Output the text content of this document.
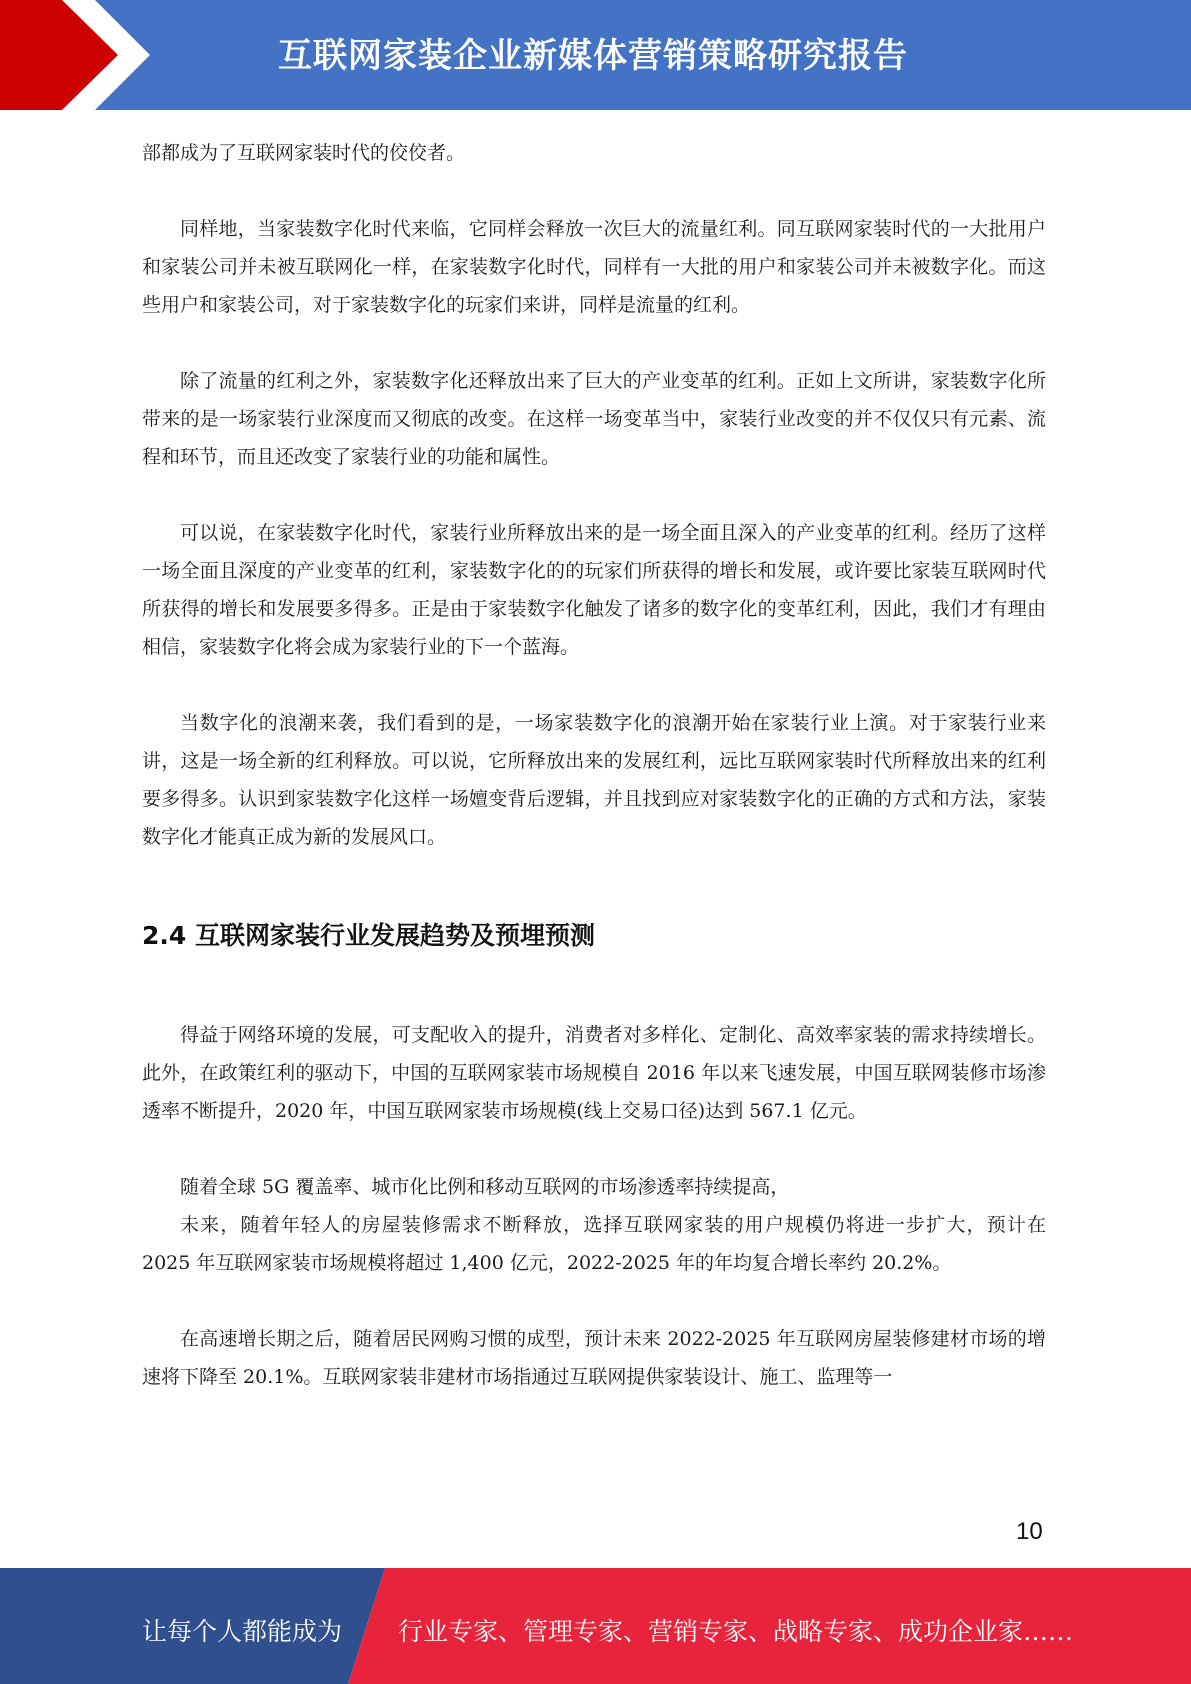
互联网家装企业新媒体营销策略研究报告

部都成为了互联网家装时代的佼佼者。

同样地，当家装数字化时代来临，它同样会释放一次巨大的流量红利。同互联网家装时代的一大批用户和家装公司并未被互联网化一样，在家装数字化时代，同样有一大批的用户和家装公司并未被数字化。而这些用户和家装公司，对于家装数字化的玩家们来讲，同样是流量的红利。

除了流量的红利之外，家装数字化还释放出来了巨大的产业变革的红利。正如上文所讲，家装数字化所带来的是一场家装行业深度而又彻底的改变。在这样一场变革当中，家装行业改变的并不仅仅只有元素、流程和环节，而且还改变了家装行业的功能和属性。

可以说，在家装数字化时代，家装行业所释放出来的是一场全面且深入的产业变革的红利。经历了这样一场全面且深度的产业变革的红利，家装数字化的的玩家们所获得的增长和发展，或许要比家装互联网时代所获得的增长和发展要多得多。正是由于家装数字化触发了诸多的数字化的变革红利，因此，我们才有理由相信，家装数字化将会成为家装行业的下一个蓝海。

当数字化的浪潮来袭，我们看到的是，一场家装数字化的浪潮开始在家装行业上演。对于家装行业来讲，这是一场全新的红利释放。可以说，它所释放出来的发展红利，远比互联网家装时代所释放出来的红利要多得多。认识到家装数字化这样一场嬗变背后逻辑，并且找到应对家装数字化的正确的方式和方法，家装数字化才能真正成为新的发展风口。

2.4 互联网家装行业发展趋势及预埋预测

得益于网络环境的发展，可支配收入的提升，消费者对多样化、定制化、高效率家装的需求持续增长。此外，在政策红利的驱动下，中国的互联网家装市场规模自 2016 年以来飞速发展，中国互联网装修市场渗透率不断提升，2020 年，中国互联网家装市场规模(线上交易口径)达到 567.1 亿元。

随着全球 5G 覆盖率、城市化比例和移动互联网的市场渗透率持续提高，

未来，随着年轻人的房屋装修需求不断释放，选择互联网家装的用户规模仍将进一步扩大，预计在 2025 年互联网家装市场规模将超过 1,400 亿元，2022-2025 年的年均复合增长率约 20.2%。

在高速增长期之后，随着居民网购习惯的成型，预计未来 2022-2025 年互联网房屋装修建材市场的增速将下降至 20.1%。互联网家装非建材市场指通过互联网提供家装设计、施工、监理等一

10
让每个人都能成为 行业专家、管理专家、营销专家、战略专家、成功企业家……
